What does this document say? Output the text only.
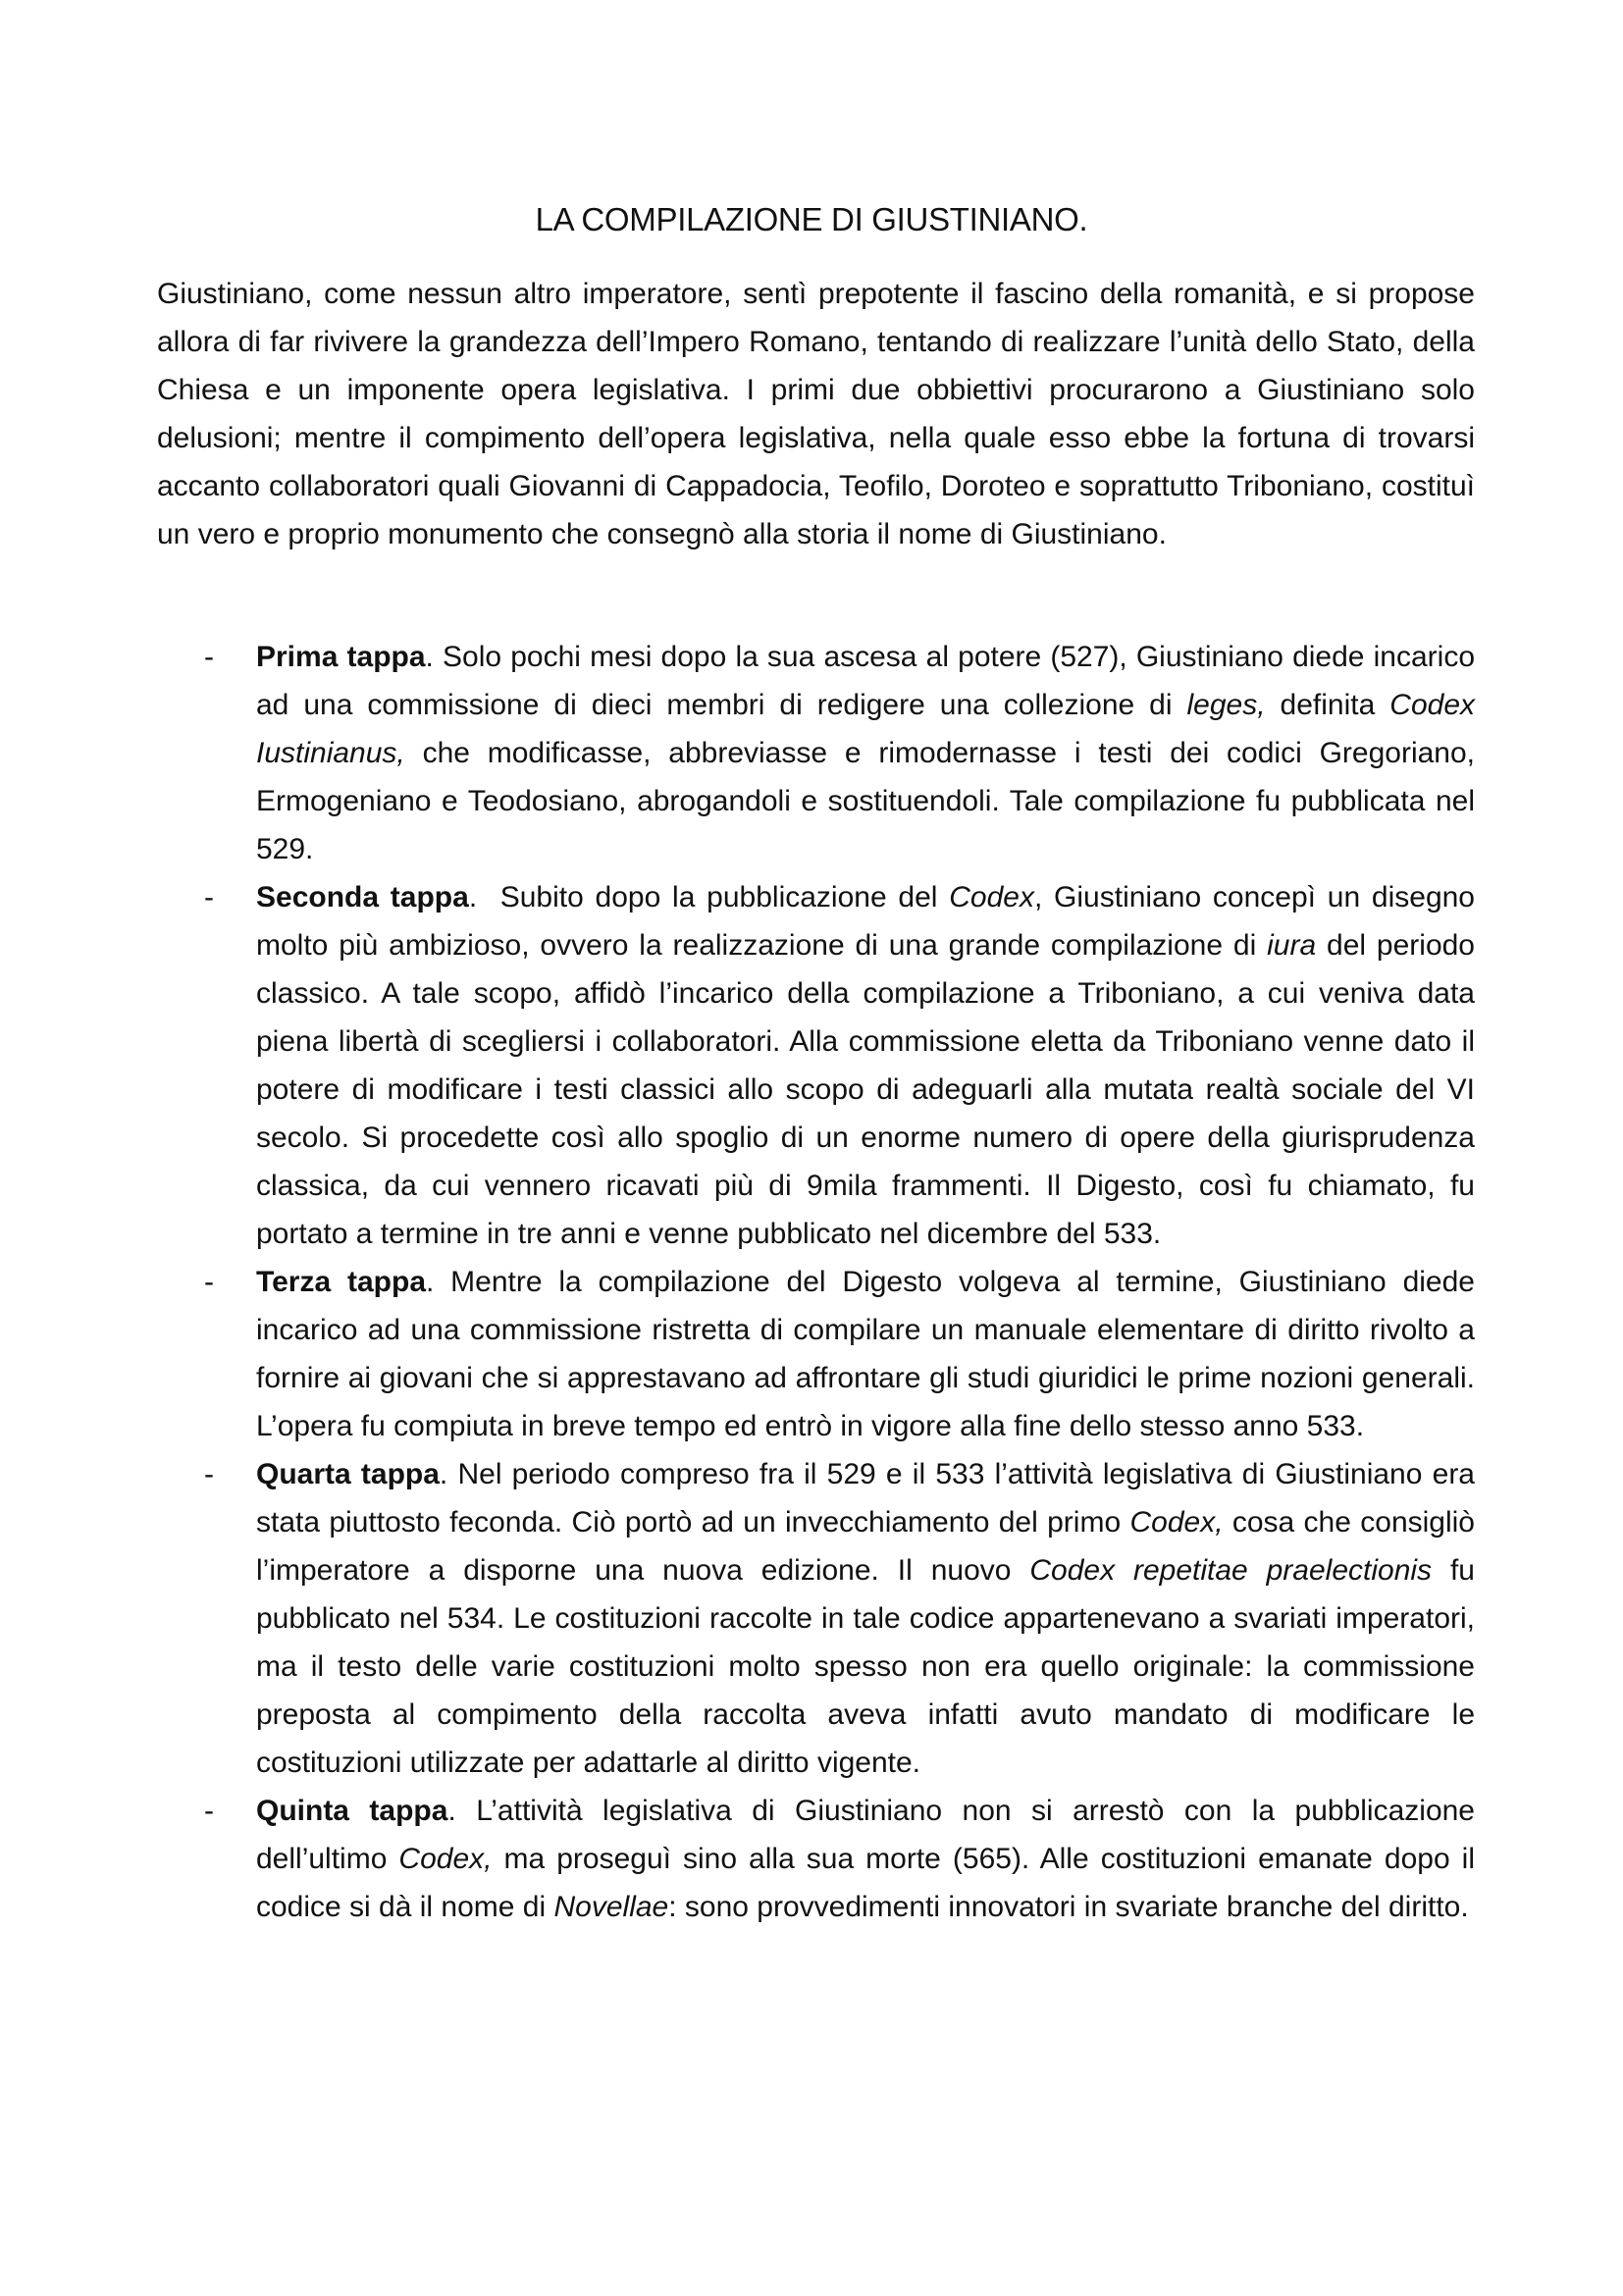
LA COMPILAZIONE DI GIUSTINIANO.

Giustiniano, come nessun altro imperatore, sentì prepotente il fascino della romanità, e si propose allora di far rivivere la grandezza dell’Impero Romano, tentando di realizzare l’unità dello Stato, della Chiesa e un imponente opera legislativa. I primi due obbiettivi procurarono a Giustiniano solo delusioni; mentre il compimento dell’opera legislativa, nella quale esso ebbe la fortuna di trovarsi accanto collaboratori quali Giovanni di Cappadocia, Teofilo, Doroteo e soprattutto Triboniano, costituì un vero e proprio monumento che consegnò alla storia il nome di Giustiniano.

- Prima tappa. Solo pochi mesi dopo la sua ascesa al potere (527), Giustiniano diede incarico ad una commissione di dieci membri di redigere una collezione di leges, definita Codex Iustinianus, che modificasse, abbreviasse e rimodernasse i testi dei codici Gregoriano, Ermogeniano e Teodosiano, abrogandoli e sostituendoli. Tale compilazione fu pubblicata nel 529.
- Seconda tappa.  Subito dopo la pubblicazione del Codex, Giustiniano concepì un disegno molto più ambizioso, ovvero la realizzazione di una grande compilazione di iura del periodo classico. A tale scopo, affidò l’incarico della compilazione a Triboniano, a cui veniva data piena libertà di scegliersi i collaboratori. Alla commissione eletta da Triboniano venne dato il potere di modificare i testi classici allo scopo di adeguarli alla mutata realtà sociale del VI secolo. Si procedette così allo spoglio di un enorme numero di opere della giurisprudenza classica, da cui vennero ricavati più di 9mila frammenti. Il Digesto, così fu chiamato, fu portato a termine in tre anni e venne pubblicato nel dicembre del 533.
- Terza tappa. Mentre la compilazione del Digesto volgeva al termine, Giustiniano diede incarico ad una commissione ristretta di compilare un manuale elementare di diritto rivolto a fornire ai giovani che si apprestavano ad affrontare gli studi giuridici le prime nozioni generali. L’opera fu compiuta in breve tempo ed entrò in vigore alla fine dello stesso anno 533.
- Quarta tappa. Nel periodo compreso fra il 529 e il 533 l’attività legislativa di Giustiniano era stata piuttosto feconda. Ciò portò ad un invecchiamento del primo Codex, cosa che consigliò l’imperatore a disporne una nuova edizione. Il nuovo Codex repetitae praelectionis fu pubblicato nel 534. Le costituzioni raccolte in tale codice appartenevano a svariati imperatori, ma il testo delle varie costituzioni molto spesso non era quello originale: la commissione preposta al compimento della raccolta aveva infatti avuto mandato di modificare le costituzioni utilizzate per adattarle al diritto vigente.
- Quinta tappa. L’attività legislativa di Giustiniano non si arrestò con la pubblicazione dell’ultimo Codex, ma proseguì sino alla sua morte (565). Alle costituzioni emanate dopo il codice si dà il nome di Novellae: sono provvedimenti innovatori in svariate branche del diritto.
